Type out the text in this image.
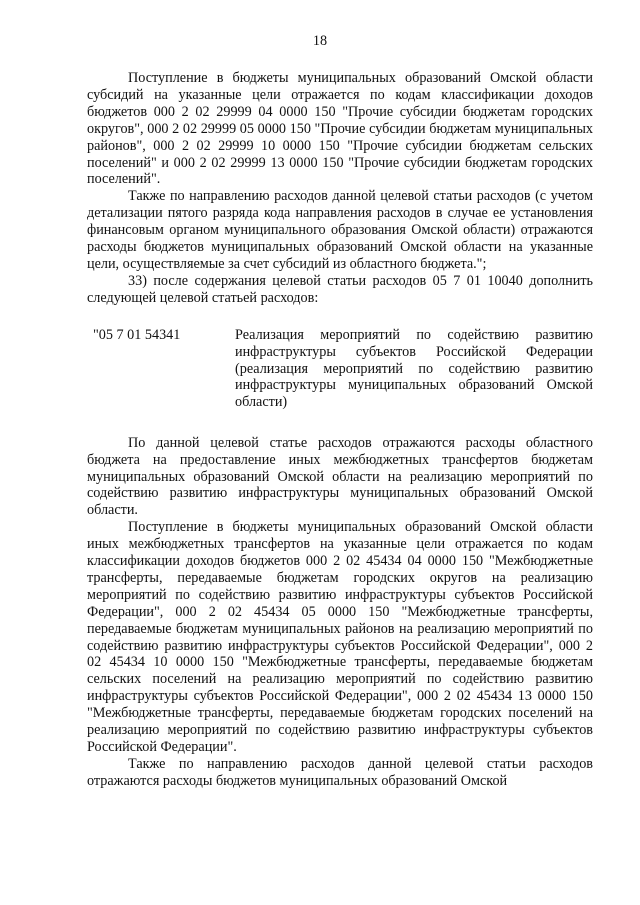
18

Поступление в бюджеты муниципальных образований Омской области субсидий на указанные цели отражается по кодам классификации доходов бюджетов 000 2 02 29999 04 0000 150 "Прочие субсидии бюджетам городских округов", 000 2 02 29999 05 0000 150 "Прочие субсидии бюджетам муниципальных районов", 000 2 02 29999 10 0000 150 "Прочие субсидии бюджетам сельских поселений" и 000 2 02 29999 13 0000 150 "Прочие субсидии бюджетам городских поселений".

Также по направлению расходов данной целевой статьи расходов (с учетом детализации пятого разряда кода направления расходов в случае ее установления финансовым органом муниципального образования Омской области) отражаются расходы бюджетов муниципальных образований Омской области на указанные цели, осуществляемые за счет субсидий из областного бюджета.";

33) после содержания целевой статьи расходов 05 7 01 10040 дополнить следующей целевой статьей расходов:

"05 7 01 54341	Реализация мероприятий по содействию развитию инфраструктуры субъектов Российской Федерации (реализация мероприятий по содействию развитию инфраструктуры муниципальных образований Омской области)

По данной целевой статье расходов отражаются расходы областного бюджета на предоставление иных межбюджетных трансфертов бюджетам муниципальных образований Омской области на реализацию мероприятий по содействию развитию инфраструктуры муниципальных образований Омской области.

Поступление в бюджеты муниципальных образований Омской области иных межбюджетных трансфертов на указанные цели отражается по кодам классификации доходов бюджетов 000 2 02 45434 04 0000 150 "Межбюджетные трансферты, передаваемые бюджетам городских округов на реализацию мероприятий по содействию развитию инфраструктуры субъектов Российской Федерации", 000 2 02 45434 05 0000 150 "Межбюджетные трансферты, передаваемые бюджетам муниципальных районов на реализацию мероприятий по содействию развитию инфраструктуры субъектов Российской Федерации", 000 2 02 45434 10 0000 150 "Межбюджетные трансферты, передаваемые бюджетам сельских поселений на реализацию мероприятий по содействию развитию инфраструктуры субъектов Российской Федерации", 000 2 02 45434 13 0000 150 "Межбюджетные трансферты, передаваемые бюджетам городских поселений на реализацию мероприятий по содействию развитию инфраструктуры субъектов Российской Федерации".

Также по направлению расходов данной целевой статьи расходов отражаются расходы бюджетов муниципальных образований Омской
